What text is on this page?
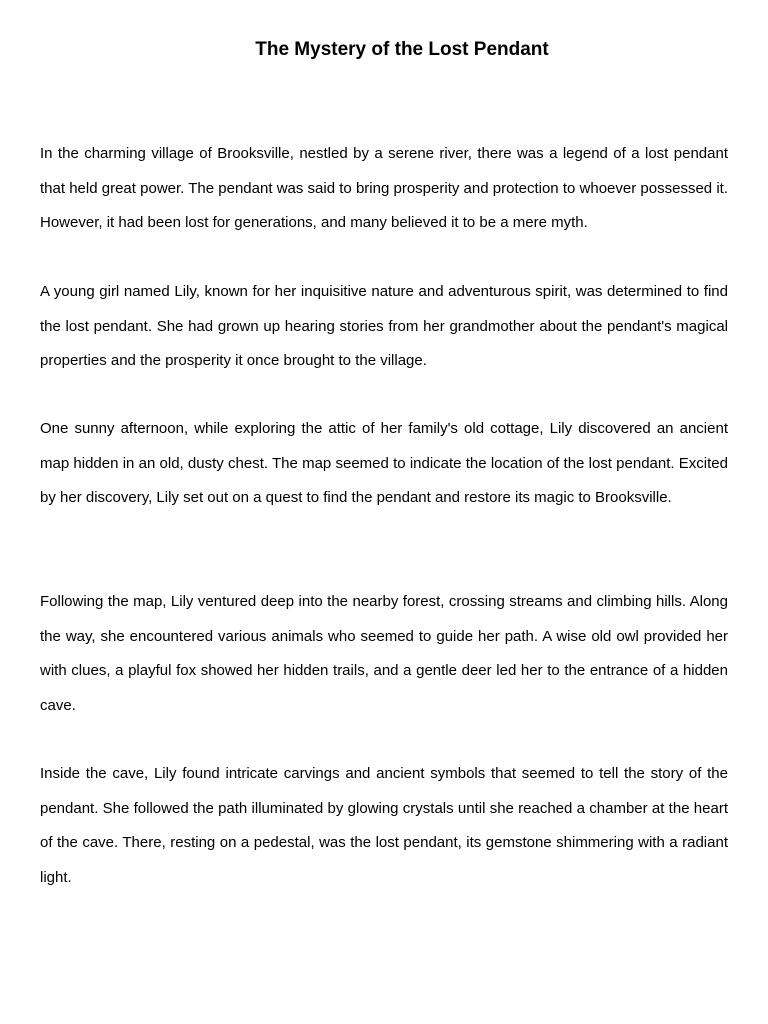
The Mystery of the Lost Pendant

In the charming village of Brooksville, nestled by a serene river, there was a legend of a lost pendant that held great power. The pendant was said to bring prosperity and protection to whoever possessed it. However, it had been lost for generations, and many believed it to be a mere myth.

A young girl named Lily, known for her inquisitive nature and adventurous spirit, was determined to find the lost pendant. She had grown up hearing stories from her grandmother about the pendant's magical properties and the prosperity it once brought to the village.

One sunny afternoon, while exploring the attic of her family's old cottage, Lily discovered an ancient map hidden in an old, dusty chest. The map seemed to indicate the location of the lost pendant. Excited by her discovery, Lily set out on a quest to find the pendant and restore its magic to Brooksville.

Following the map, Lily ventured deep into the nearby forest, crossing streams and climbing hills. Along the way, she encountered various animals who seemed to guide her path. A wise old owl provided her with clues, a playful fox showed her hidden trails, and a gentle deer led her to the entrance of a hidden cave.

Inside the cave, Lily found intricate carvings and ancient symbols that seemed to tell the story of the pendant. She followed the path illuminated by glowing crystals until she reached a chamber at the heart of the cave. There, resting on a pedestal, was the lost pendant, its gemstone shimmering with a radiant light.
